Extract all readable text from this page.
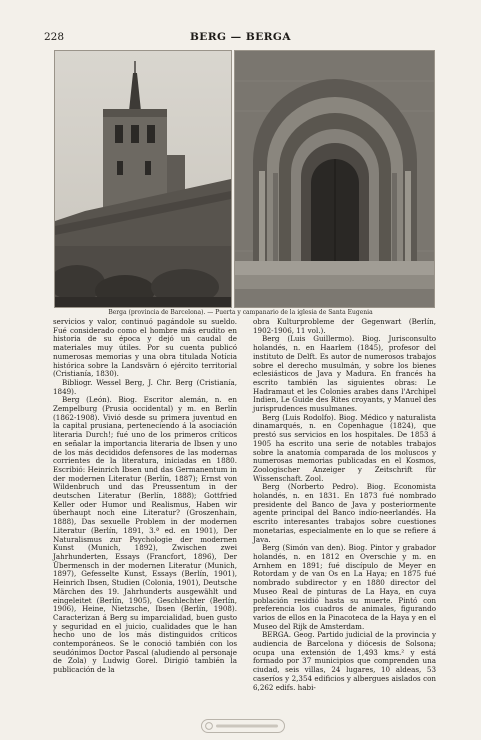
228	BERG — BERGA
Berga (provincia de Barcelona). — Puerta y campanario de la iglesia de Santa Eugenia

servicios y valor, continuó pagándole su sueldo. Fué considerado como el hombre más erudito en historia de su época y dejó un caudal de materiales muy útiles. Por su cuenta publicó numerosas memorias y una obra titulada Notícia histórica sobre la Landsvärn ó ejército territorial (Cristianía, 1830).

Bibliogr. Wessel Berg, J. Chr. Berg (Cristianía, 1849).

Berg (León). Biog. Escritor alemán, n. en Zempelburg (Prusia occidental) y m. en Berlín (1862-1908). Vivió desde su primera juventud en la capital prusiana, perteneciendo á la asociación literaria Durch!; fué uno de los primeros críticos en señalar la importancia literaria de Ibsen y uno de los más decididos defensores de las modernas corrientes de la literatura, iniciadas en 1880. Escribió: Heinrich Ibsen und das Germanentum in der modernen Literatur (Berlín, 1887); Ernst von Wildenbruch und das Preussentum in der deutschen Literatur (Berlín, 1888); Gottfried Keller oder Humor und Realismus, Haben wir überhaupt noch eine Literatur? (Groszenhain, 1888), Das sexuelle Problem in der modernen Literatur (Berlín, 1891, 3.ª ed. en 1901), Der Naturalismus zur Psychologie der modernen Kunst (Munich, 1892), Zwischen zwei Jahrhunderten, Essays (Francfort, 1896), Der Übermensch in der modernen Literatur (Munich, 1897), Gefesselte Kunst, Essays (Berlín, 1901), Heinrich Ibsen, Studien (Colonia, 1901), Deutsche Märchen des 19. Jahrhunderts ausgewählt und eingeleitet (Berlín, 1905), Geschlechter (Berlín, 1906), Heine, Nietzsche, Ibsen (Berlín, 1908). Caracterizan á Berg su imparcialidad, buen gusto y seguridad en el juicio, cualidades que le han hecho uno de los más distinguidos críticos contemporáneos. Se le conoció también con los seudónimos Doctor Pascal (aludiendo al personaje de Zola) y Ludwig Gorel. Dirigió también la publicación de la

obra Kulturprobleme der Gegenwart (Berlín, 1902-1906, 11 vol.).

Berg (Luis Guillermo). Biog. Jurisconsulto holandés, n. en Haarlem (1845), profesor del instituto de Delft. Es autor de numerosos trabajos sobre el derecho musulmán, y sobre los bienes eclesiásticos de Java y Madura. En francés ha escrito también las siguientes obras: Le Hadramaut et les Colonies arabes dans l'Archipel Indien, Le Guide des Rites croyants, y Manuel des jurisprudences musulmanes.

Berg (Luis Rodolfo). Biog. Médico y naturalista dinamarqués, n. en Copenhague (1824), que prestó sus servicios en los hospitales. De 1853 á 1905 ha escrito una serie de notables trabajos sobre la anatomía comparada de los moluscos y numerosas memorias publicadas en el Kosmos, Zoologischer Anzeiger y Zeitschrift für Wissenschaft. Zool.

Berg (Norberto Pedro). Biog. Economista holandés, n. en 1831. En 1873 fué nombrado presidente del Banco de Java y posteriormente agente principal del Banco indio-neerlandés. Ha escrito interesantes trabajos sobre cuestiones monetarias, especialmente en lo que se refiere á Java.

Berg (Simón van den). Biog. Pintor y grabador holandés, n. en 1812 en Overschie y m. en Arnhem en 1891; fué discípulo de Meyer en Rotordam y de van Os en La Haya; en 1875 fué nombrado subdirector y en 1880 director del Museo Real de pinturas de La Haya, en cuya población residió hasta su muerte. Pintó con preferencia los cuadros de animales, figurando varios de ellos en la Pinacoteca de la Haya y en el Museo del Rijk de Amsterdam.

BERGA. Geog. Partido judicial de la provincia y audiencia de Barcelona y diócesis de Solsona; ocupa una extensión de 1,493 kms.² y está formado por 37 municipios que comprenden una ciudad, seis villas, 24 lugares, 10 aldeas, 53 caseríos y 2,354 edificios y albergues aislados con 6,262 edifs. habi-
